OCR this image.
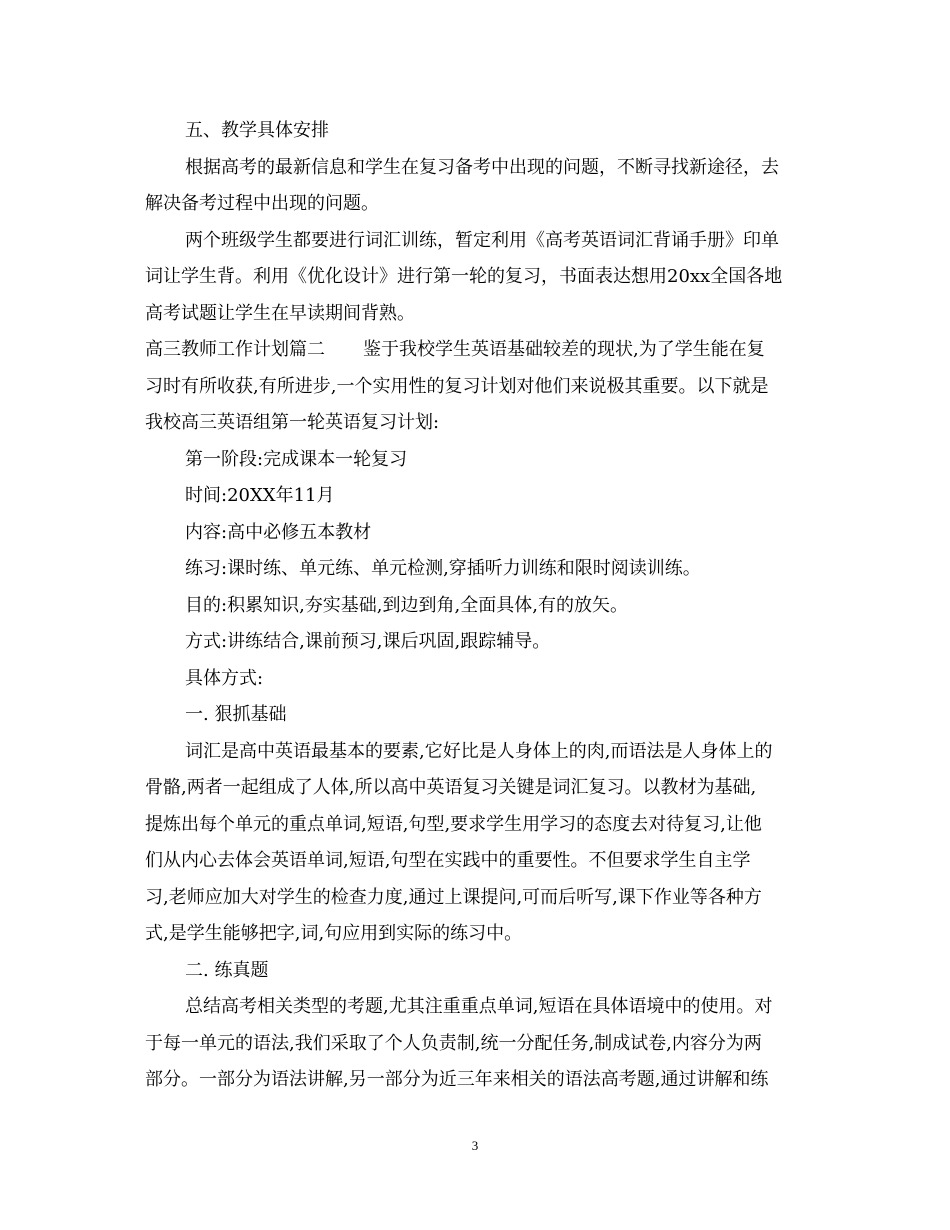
五、教学具体安排
根据高考的最新信息和学生在复习备考中出现的问题，不断寻找新途径，去
解决备考过程中出现的问题。
两个班级学生都要进行词汇训练，暂定利用《高考英语词汇背诵手册》印单
词让学生背。利用《优化设计》进行第一轮的复习，书面表达想用20xx全国各地
高考试题让学生在早读期间背熟。
高三教师工作计划篇二 鉴于我校学生英语基础较差的现状,为了学生能在复
习时有所收获,有所进步,一个实用性的复习计划对他们来说极其重要。以下就是
我校高三英语组第一轮英语复习计划:
第一阶段:完成课本一轮复习
时间:20XX年11月
内容:高中必修五本教材
练习:课时练、单元练、单元检测,穿插听力训练和限时阅读训练。
目的:积累知识,夯实基础,到边到角,全面具体,有的放矢。
方式:讲练结合,课前预习,课后巩固,跟踪辅导。
具体方式:
一. 狠抓基础
词汇是高中英语最基本的要素,它好比是人身体上的肉,而语法是人身体上的
骨骼,两者一起组成了人体,所以高中英语复习关键是词汇复习。以教材为基础,
提炼出每个单元的重点单词,短语,句型,要求学生用学习的态度去对待复习,让他
们从内心去体会英语单词,短语,句型在实践中的重要性。不但要求学生自主学
习,老师应加大对学生的检查力度,通过上课提问,可而后听写,课下作业等各种方
式,是学生能够把字,词,句应用到实际的练习中。
二. 练真题
总结高考相关类型的考题,尤其注重重点单词,短语在具体语境中的使用。对
于每一单元的语法,我们采取了个人负责制,统一分配任务,制成试卷,内容分为两
部分。一部分为语法讲解,另一部分为近三年来相关的语法高考题,通过讲解和练
3
